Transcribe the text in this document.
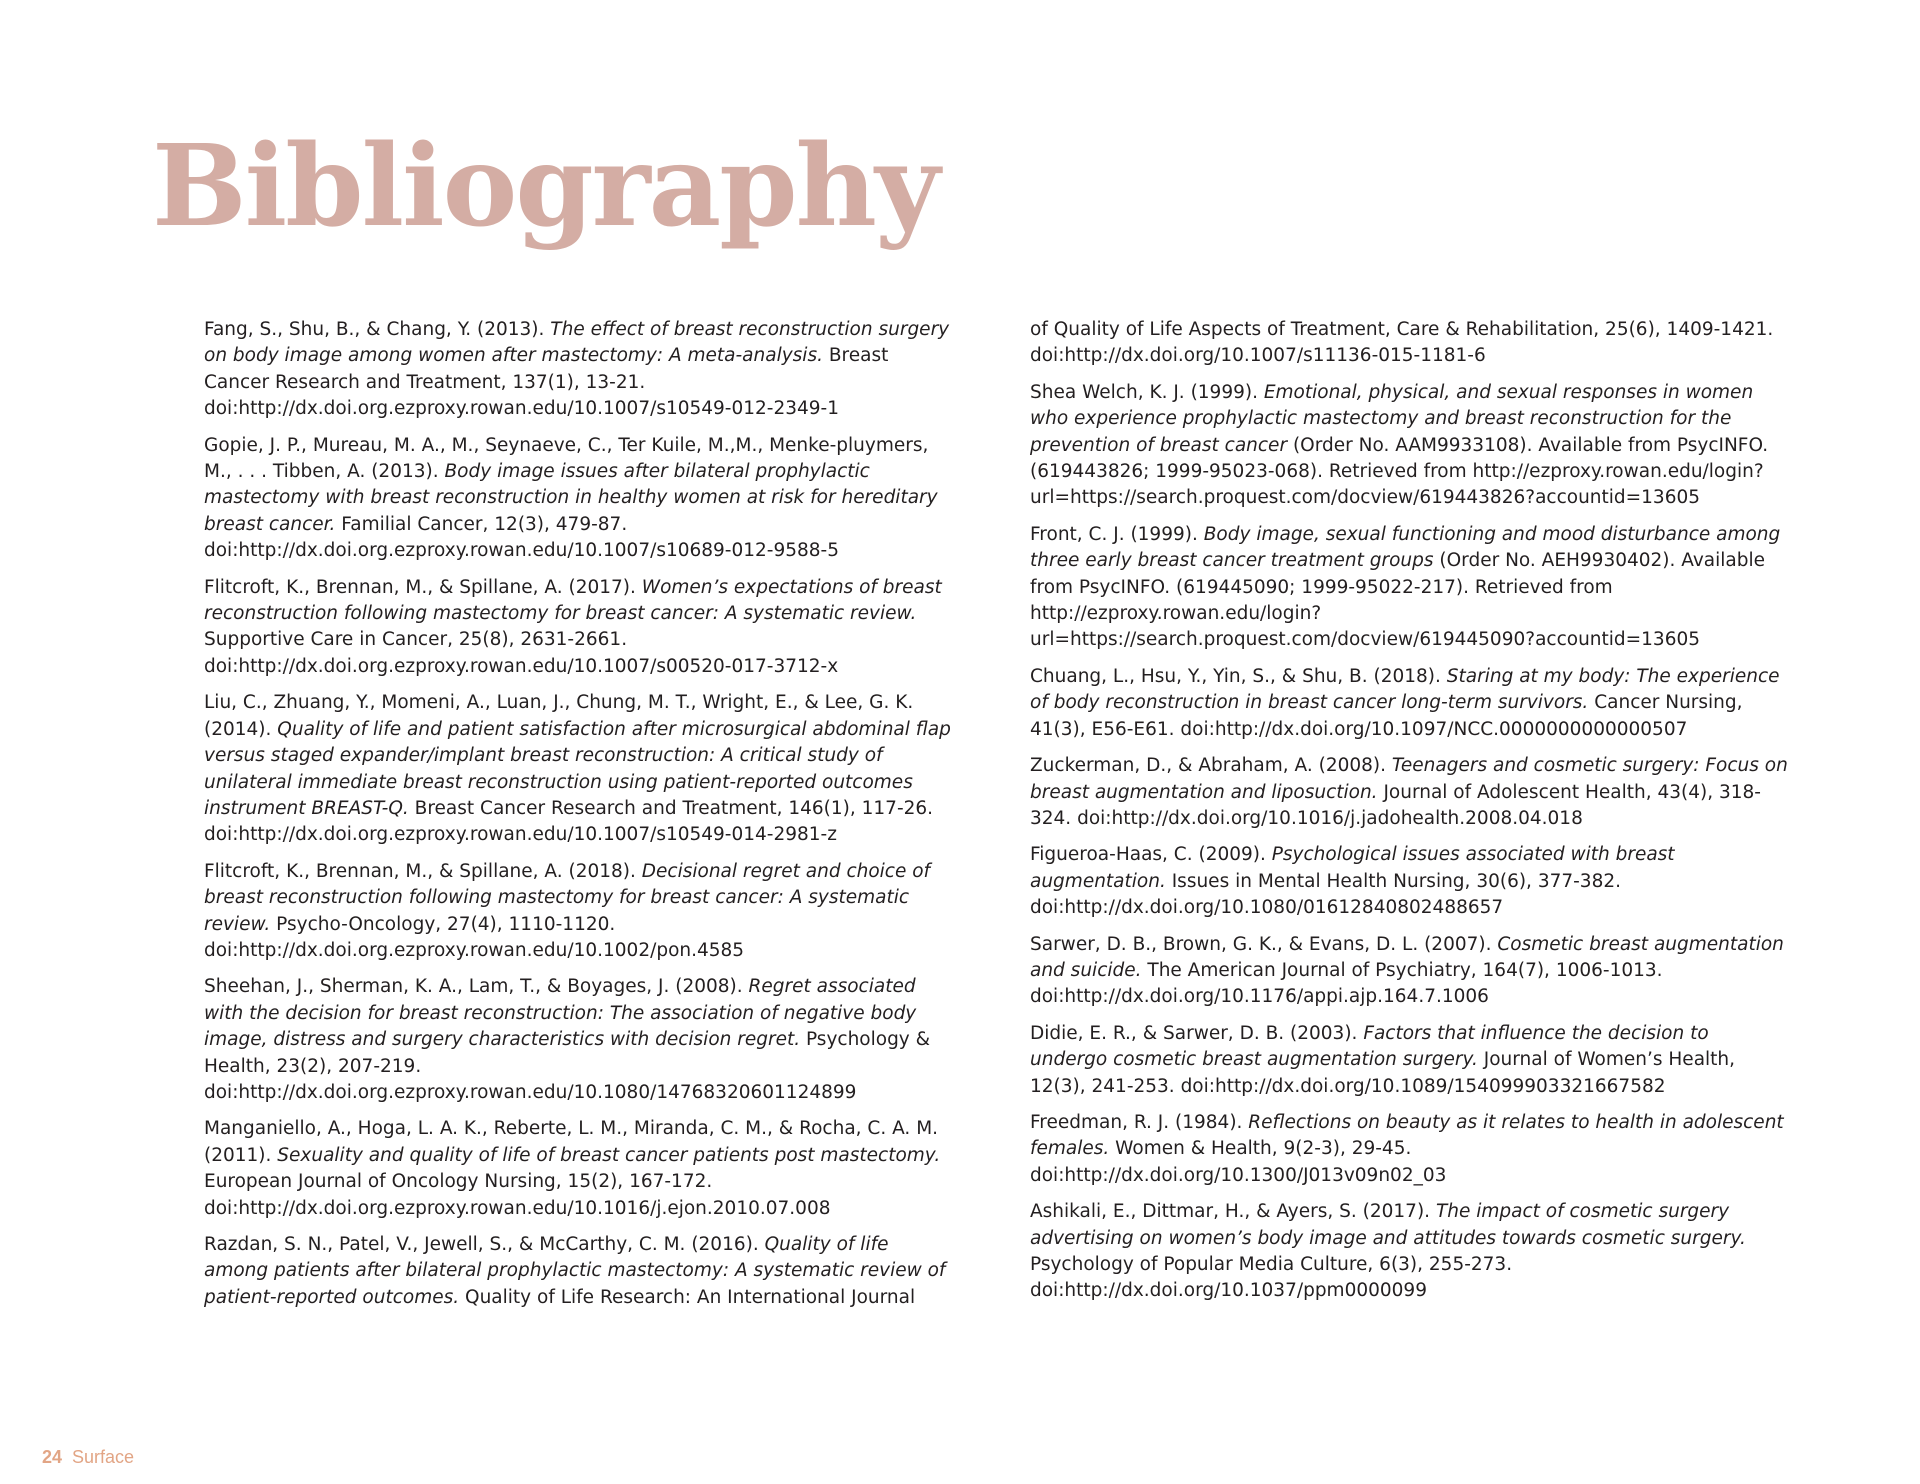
Bibliography

Fang, S., Shu, B., & Chang, Y. (2013). The effect of breast reconstruction surgery on body image among women after mastectomy: A meta-analysis. Breast Cancer Research and Treatment, 137(1), 13-21. doi:http://dx.doi.org.ezproxy.rowan.edu/10.1007/s10549-012-2349-1

Gopie, J. P., Mureau, M. A., M., Seynaeve, C., Ter Kuile, M.,M., Menke-pluymers, M., . . . Tibben, A. (2013). Body image issues after bilateral prophylactic mastectomy with breast reconstruction in healthy women at risk for hereditary breast cancer. Familial Cancer, 12(3), 479-87. doi:http://dx.doi.org.ezproxy.rowan.edu/10.1007/s10689-012-9588-5

Flitcroft, K., Brennan, M., & Spillane, A. (2017). Women’s expectations of breast reconstruction following mastectomy for breast cancer: A systematic review. Supportive Care in Cancer, 25(8), 2631-2661. doi:http://dx.doi.org.ezproxy.rowan.edu/10.1007/s00520-017-3712-x

Liu, C., Zhuang, Y., Momeni, A., Luan, J., Chung, M. T., Wright, E., & Lee, G. K. (2014). Quality of life and patient satisfaction after microsurgical abdominal flap versus staged expander/implant breast reconstruction: A critical study of unilateral immediate breast reconstruction using patient-reported outcomes instrument BREAST-Q. Breast Cancer Research and Treatment, 146(1), 117-26. doi:http://dx.doi.org.ezproxy.rowan.edu/10.1007/s10549-014-2981-z

Flitcroft, K., Brennan, M., & Spillane, A. (2018). Decisional regret and choice of breast reconstruction following mastectomy for breast cancer: A systematic review. Psycho-Oncology, 27(4), 1110-1120. doi:http://dx.doi.org.ezproxy.rowan.edu/10.1002/pon.4585

Sheehan, J., Sherman, K. A., Lam, T., & Boyages, J. (2008). Regret associated with the decision for breast reconstruction: The association of negative body image, distress and surgery characteristics with decision regret. Psychology & Health, 23(2), 207-219. doi:http://dx.doi.org.ezproxy.rowan.edu/10.1080/14768320601124899

Manganiello, A., Hoga, L. A. K., Reberte, L. M., Miranda, C. M., & Rocha, C. A. M. (2011). Sexuality and quality of life of breast cancer patients post mastectomy. European Journal of Oncology Nursing, 15(2), 167-172. doi:http://dx.doi.org.ezproxy.rowan.edu/10.1016/j.ejon.2010.07.008

Razdan, S. N., Patel, V., Jewell, S., & McCarthy, C. M. (2016). Quality of life among patients after bilateral prophylactic mastectomy: A systematic review of patient-reported outcomes. Quality of Life Research: An International Journal

of Quality of Life Aspects of Treatment, Care & Rehabilitation, 25(6), 1409-1421. doi:http://dx.doi.org/10.1007/s11136-015-1181-6

Shea Welch, K. J. (1999). Emotional, physical, and sexual responses in women who experience prophylactic mastectomy and breast reconstruction for the prevention of breast cancer (Order No. AAM9933108). Available from PsycINFO. (619443826; 1999-95023-068). Retrieved from http://ezproxy.rowan.edu/login?url=https://search.proquest.com/docview/619443826?accountid=13605

Front, C. J. (1999). Body image, sexual functioning and mood disturbance among three early breast cancer treatment groups (Order No. AEH9930402). Available from PsycINFO. (619445090; 1999-95022-217). Retrieved from http://ezproxy.rowan.edu/login?url=https://search.proquest.com/docview/619445090?accountid=13605

Chuang, L., Hsu, Y., Yin, S., & Shu, B. (2018). Staring at my body: The experience of body reconstruction in breast cancer long-term survivors. Cancer Nursing, 41(3), E56-E61. doi:http://dx.doi.org/10.1097/NCC.0000000000000507

Zuckerman, D., & Abraham, A. (2008). Teenagers and cosmetic surgery: Focus on breast augmentation and liposuction. Journal of Adolescent Health, 43(4), 318-324. doi:http://dx.doi.org/10.1016/j.jadohealth.2008.04.018

Figueroa-Haas, C. (2009). Psychological issues associated with breast augmentation. Issues in Mental Health Nursing, 30(6), 377-382. doi:http://dx.doi.org/10.1080/01612840802488657

Sarwer, D. B., Brown, G. K., & Evans, D. L. (2007). Cosmetic breast augmentation and suicide. The American Journal of Psychiatry, 164(7), 1006-1013. doi:http://dx.doi.org/10.1176/appi.ajp.164.7.1006

Didie, E. R., & Sarwer, D. B. (2003). Factors that influence the decision to undergo cosmetic breast augmentation surgery. Journal of Women’s Health, 12(3), 241-253. doi:http://dx.doi.org/10.1089/154099903321667582

Freedman, R. J. (1984). Reflections on beauty as it relates to health in adolescent females. Women & Health, 9(2-3), 29-45. doi:http://dx.doi.org/10.1300/J013v09n02_03

Ashikali, E., Dittmar, H., & Ayers, S. (2017). The impact of cosmetic surgery advertising on women’s body image and attitudes towards cosmetic surgery. Psychology of Popular Media Culture, 6(3), 255-273. doi:http://dx.doi.org/10.1037/ppm0000099

24 Surface
